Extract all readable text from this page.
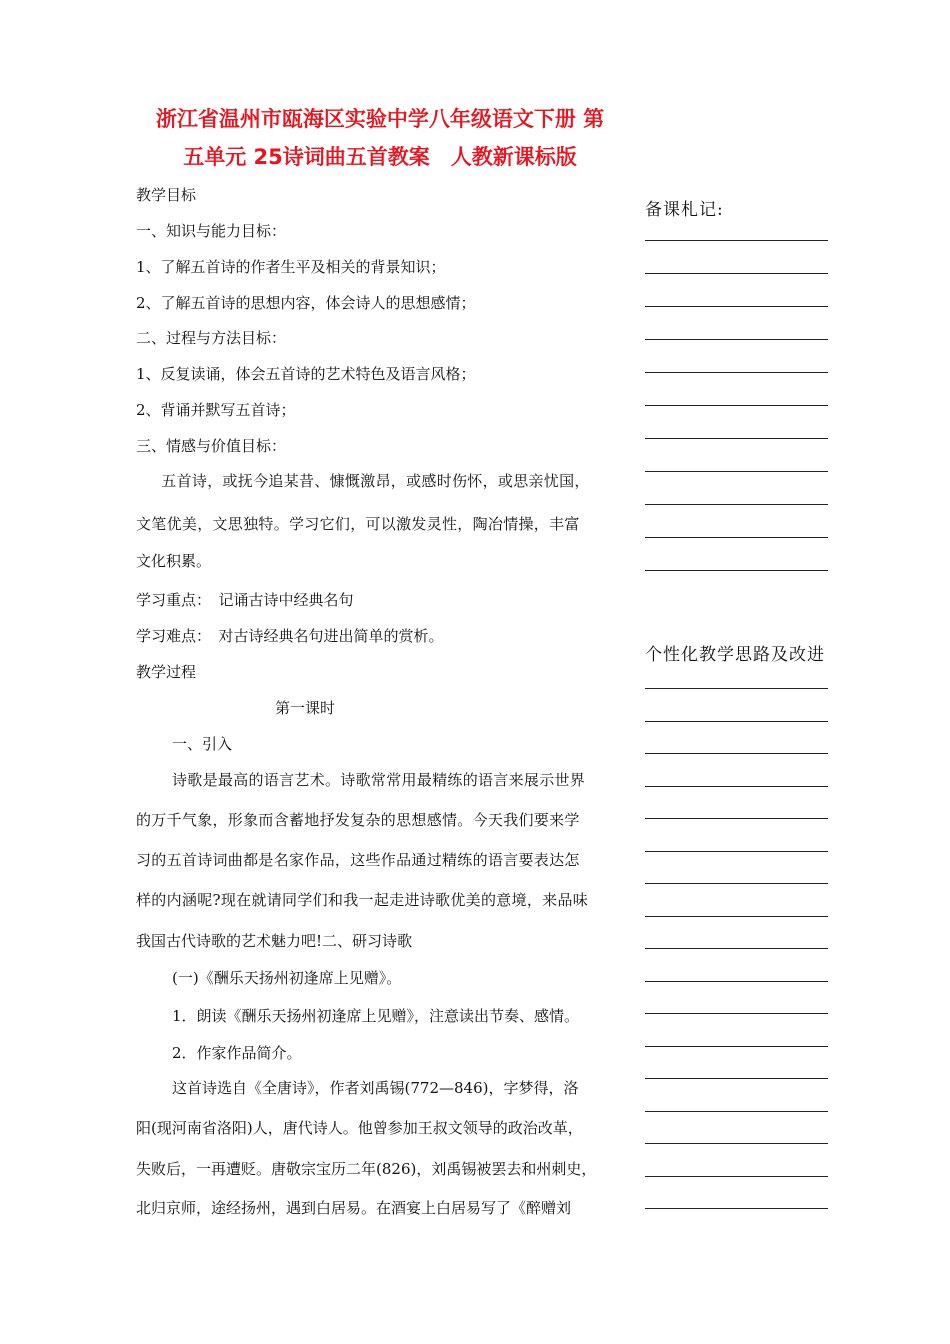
浙江省温州市瓯海区实验中学八年级语文下册 第
五单元 25诗词曲五首教案　人教新课标版
教学目标
一、知识与能力目标：
1、了解五首诗的作者生平及相关的背景知识；
2、了解五首诗的思想内容，体会诗人的思想感情；
二、过程与方法目标：
1、反复读诵，体会五首诗的艺术特色及语言风格；
2、背诵并默写五首诗；
三、情感与价值目标：
　五首诗，或抚今追某昔、慷慨激昂，或感时伤怀，或思亲忧国，
文笔优美，文思独特。学习它们，可以激发灵性，陶冶情操，丰富
文化积累。
学习重点：　记诵古诗中经典名句
学习难点：　对古诗经典名句进出简单的赏析。
教学过程
第一课时
一、引入
诗歌是最高的语言艺术。诗歌常常用最精练的语言来展示世界
的万千气象，形象而含蓄地抒发复杂的思想感情。今天我们要来学
习的五首诗词曲都是名家作品，这些作品通过精练的语言要表达怎
样的内涵呢?现在就请同学们和我一起走进诗歌优美的意境，来品味
我国古代诗歌的艺术魅力吧!二、研习诗歌
(一)《酬乐天扬州初逢席上见赠》。
1．朗读《酬乐天扬州初逢席上见赠》，注意读出节奏、感情。
2．作家作品简介。
这首诗选自《全唐诗》，作者刘禹锡(772—846)，字梦得，洛
阳(现河南省洛阳)人，唐代诗人。他曾参加王叔文领导的政治改革，
失败后，一再遭贬。唐敬宗宝历二年(826)，刘禹锡被罢去和州刺史，
北归京师，途经扬州，遇到白居易。在酒宴上白居易写了《醉赠刘
备课札记:
个性化教学思路及改进
